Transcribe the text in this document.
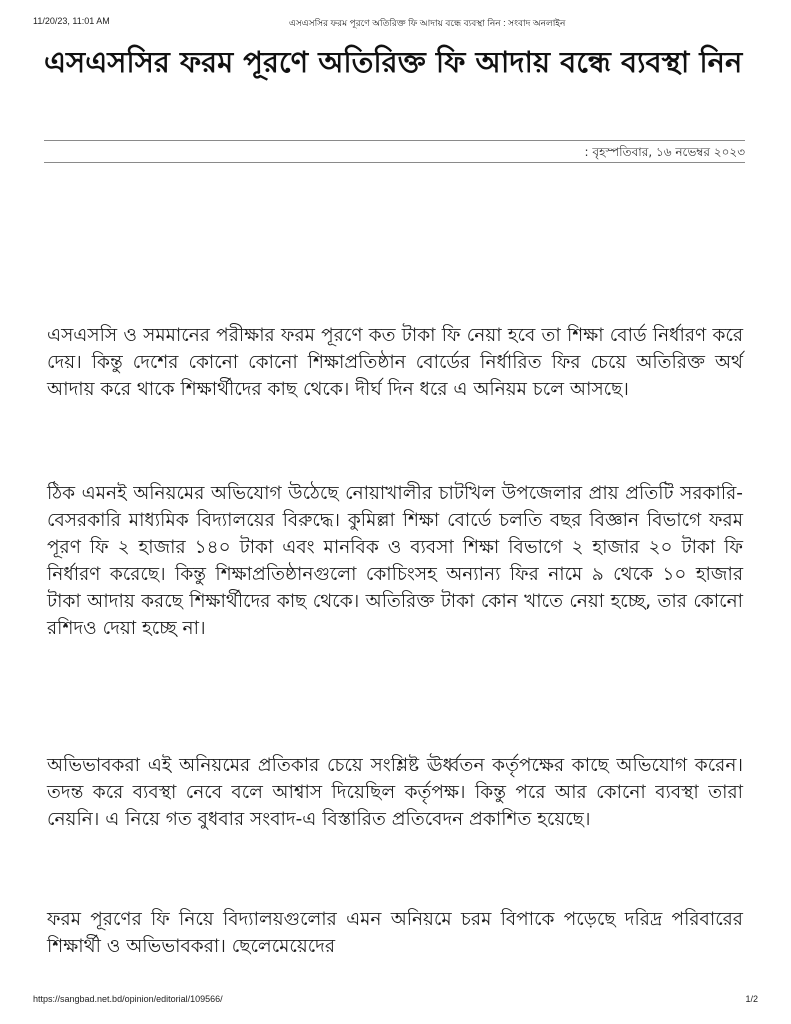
11/20/23, 11:01 AM	এসএসসির ফরম পূরণে অতিরিক্ত ফি আদায় বন্ধে ব্যবস্থা নিন : সংবাদ অনলাইন
এসএসসির ফরম পূরণে অতিরিক্ত ফি আদায় বন্ধে ব্যবস্থা নিন
: বৃহস্পতিবার, ১৬ নভেম্বর ২০২৩

এসএসসি ও সমমানের পরীক্ষার ফরম পূরণে কত টাকা ফি নেয়া হবে তা শিক্ষা বোর্ড নির্ধারণ করে দেয়। কিন্তু দেশের কোনো কোনো শিক্ষাপ্রতিষ্ঠান বোর্ডের নির্ধারিত ফির চেয়ে অতিরিক্ত অর্থ আদায় করে থাকে শিক্ষার্থীদের কাছ থেকে। দীর্ঘ দিন ধরে এ অনিয়ম চলে আসছে।

ঠিক এমনই অনিয়মের অভিযোগ উঠেছে নোয়াখালীর চাটখিল উপজেলার প্রায় প্রতিটি সরকারি-বেসরকারি মাধ্যমিক বিদ্যালয়ের বিরুদ্ধে। কুমিল্লা শিক্ষা বোর্ডে চলতি বছর বিজ্ঞান বিভাগে ফরম পূরণ ফি ২ হাজার ১৪০ টাকা এবং মানবিক ও ব্যবসা শিক্ষা বিভাগে ২ হাজার ২০ টাকা ফি নির্ধারণ করেছে। কিন্তু শিক্ষাপ্রতিষ্ঠানগুলো কোচিংসহ অন্যান্য ফির নামে ৯ থেকে ১০ হাজার টাকা আদায় করছে শিক্ষার্থীদের কাছ থেকে। অতিরিক্ত টাকা কোন খাতে নেয়া হচ্ছে, তার কোনো রশিদও দেয়া হচ্ছে না।

অভিভাবকরা এই অনিয়মের প্রতিকার চেয়ে সংশ্লিষ্ট ঊর্ধ্বতন কর্তৃপক্ষের কাছে অভিযোগ করেন। তদন্ত করে ব্যবস্থা নেবে বলে আশ্বাস দিয়েছিল কর্তৃপক্ষ। কিন্তু পরে আর কোনো ব্যবস্থা তারা নেয়নি। এ নিয়ে গত বুধবার সংবাদ-এ বিস্তারিত প্রতিবেদন প্রকাশিত হয়েছে।

ফরম পূরণের ফি নিয়ে বিদ্যালয়গুলোর এমন অনিয়মে চরম বিপাকে পড়েছে দরিদ্র পরিবারের শিক্ষার্থী ও অভিভাবকরা। ছেলেমেয়েদের

https://sangbad.net.bd/opinion/editorial/109566/	1/2
